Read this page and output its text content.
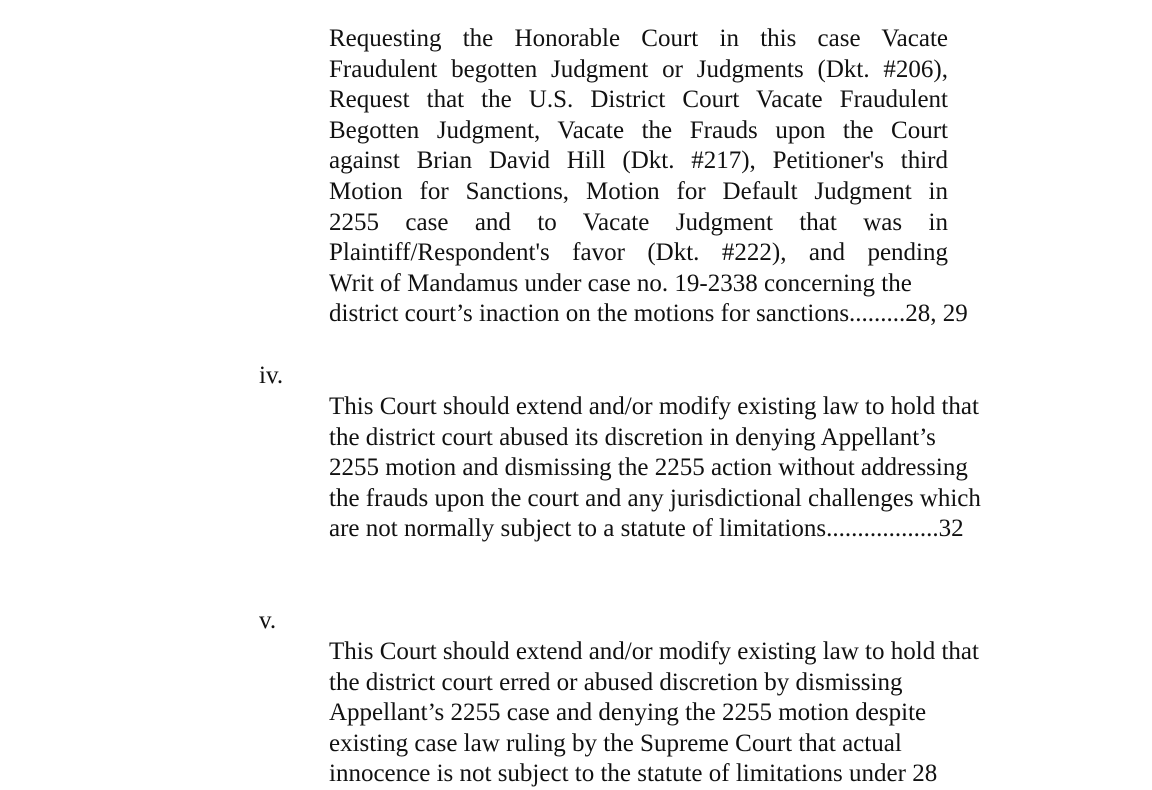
Requesting the Honorable Court in this case Vacate
Fraudulent begotten Judgment or Judgments (Dkt. #206),
Request that the U.S. District Court Vacate Fraudulent
Begotten Judgment, Vacate the Frauds upon the Court
against Brian David Hill (Dkt. #217), Petitioner's third
Motion for Sanctions, Motion for Default Judgment in
2255 case and to Vacate Judgment that was in
Plaintiff/Respondent's favor (Dkt. #222), and pending
Writ of Mandamus under case no. 19-2338 concerning the
district court’s inaction on the motions for sanctions.........28, 29
iv.
This Court should extend and/or modify existing law to hold that
the district court abused its discretion in denying Appellant’s
2255 motion and dismissing the 2255 action without addressing
the frauds upon the court and any jurisdictional challenges which
are not normally subject to a statute of limitations..................32
v.
This Court should extend and/or modify existing law to hold that
the district court erred or abused discretion by dismissing
Appellant’s 2255 case and denying the 2255 motion despite
existing case law ruling by the Supreme Court that actual
innocence is not subject to the statute of limitations under 28
